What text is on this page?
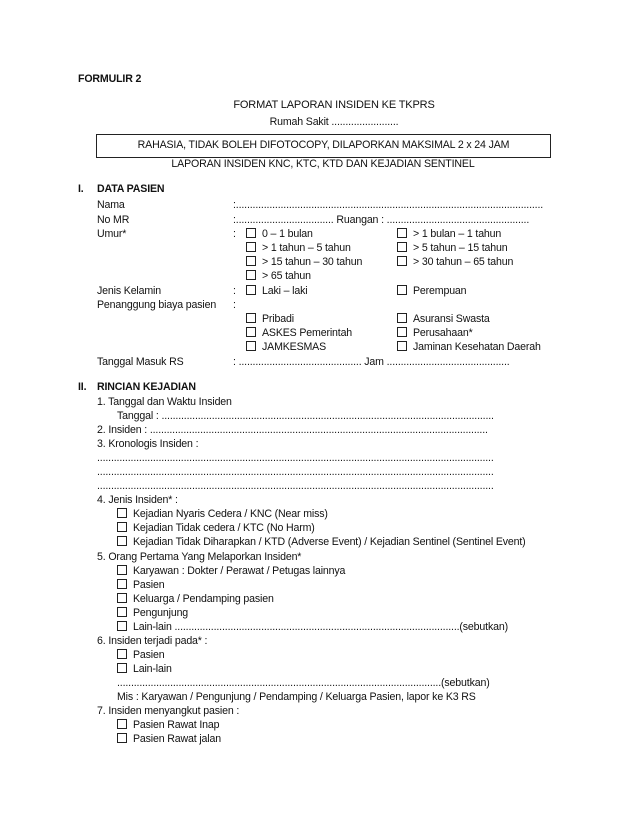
FORMULIR 2
FORMAT LAPORAN INSIDEN KE TKPRS
Rumah Sakit ........................
RAHASIA, TIDAK BOLEH DIFOTOCOPY, DILAPORKAN MAKSIMAL 2 x 24 JAM
LAPORAN INSIDEN KNC, KTC, KTD DAN KEJADIAN SENTINEL
I. DATA PASIEN
Nama	:..............................................................................................................
No MR	:................................... Ruangan : ...................................................
Umur*	:	0 – 1 bulan	> 1 bulan – 1 tahun
> 1 tahun – 5 tahun	> 5 tahun – 15 tahun
> 15 tahun – 30 tahun	> 30 tahun – 65 tahun
> 65 tahun
Jenis Kelamin	:	Laki – laki	Perempuan
Penanggung biaya pasien :
Pribadi	Asuransi Swasta
ASKES Pemerintah	Perusahaan*
JAMKESMAS	Jaminan Kesehatan Daerah
Tanggal Masuk RS	: ............................................ Jam ............................................
II. RINCIAN KEJADIAN
1. Tanggal dan Waktu Insiden
Tanggal : .......................................................................................................................
2. Insiden : .........................................................................................................................
3. Kronologis Insiden :
..............................................................................................................................................
..............................................................................................................................................
..............................................................................................................................................
4. Jenis Insiden* :
Kejadian Nyaris Cedera / KNC (Near miss)
Kejadian Tidak cedera / KTC (No Harm)
Kejadian Tidak Diharapkan / KTD (Adverse Event) / Kejadian Sentinel (Sentinel Event)
5. Orang Pertama Yang Melaporkan Insiden*
Karyawan : Dokter / Perawat / Petugas lainnya
Pasien
Keluarga / Pendamping pasien
Pengunjung
Lain-lain ......................................................................................................(sebutkan)
6. Insiden terjadi pada* :
Pasien
Lain-lain
....................................................................................................................(sebutkan)
Mis : Karyawan / Pengunjung / Pendamping / Keluarga Pasien, lapor ke K3 RS
7. Insiden menyangkut pasien :
Pasien Rawat Inap
Pasien Rawat jalan
